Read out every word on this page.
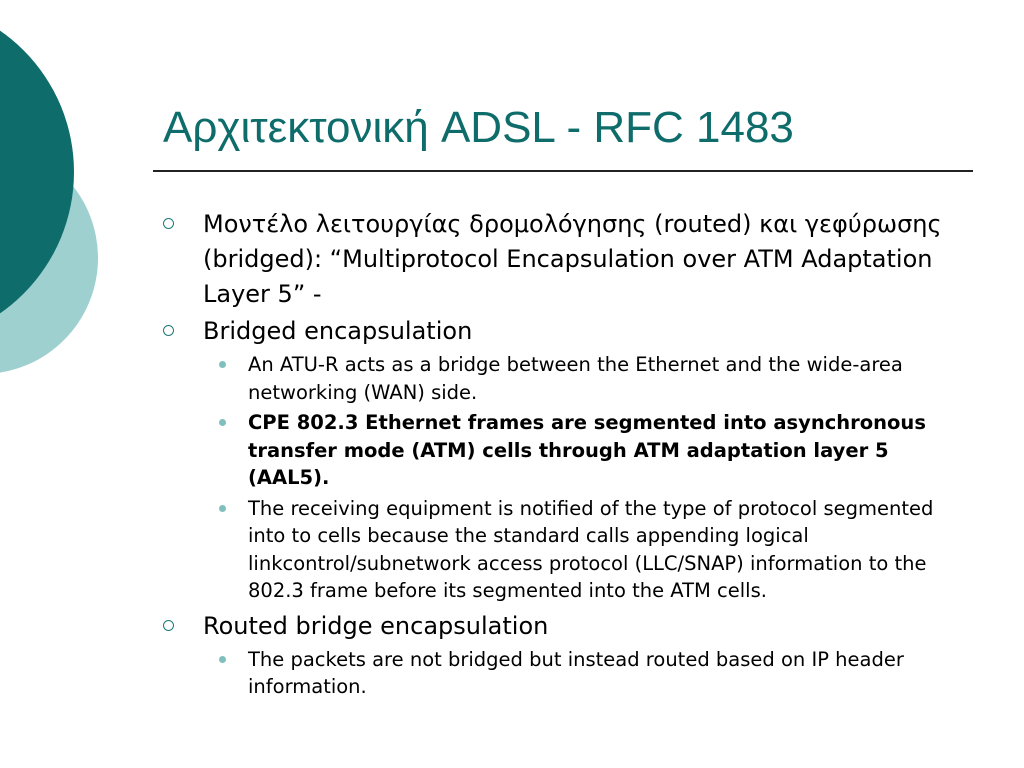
Αρχιτεκτονική ADSL - RFC 1483
Μοντέλο λειτουργίας δρομολόγησης (routed) και γεφύρωσης (bridged): “Multiprotocol Encapsulation over ATM Adaptation Layer 5” -
Bridged encapsulation
An ATU-R acts as a bridge between the Ethernet and the wide-area networking (WAN) side.
CPE 802.3 Ethernet frames are segmented into asynchronous transfer mode (ATM) cells through ATM adaptation layer 5 (AAL5).
The receiving equipment is notified of the type of protocol segmented into to cells because the standard calls appending logical linkcontrol/subnetwork access protocol (LLC/SNAP) information to the 802.3 frame before its segmented into the ATM cells.
Routed bridge encapsulation
The packets are not bridged but instead routed based on IP header information.
